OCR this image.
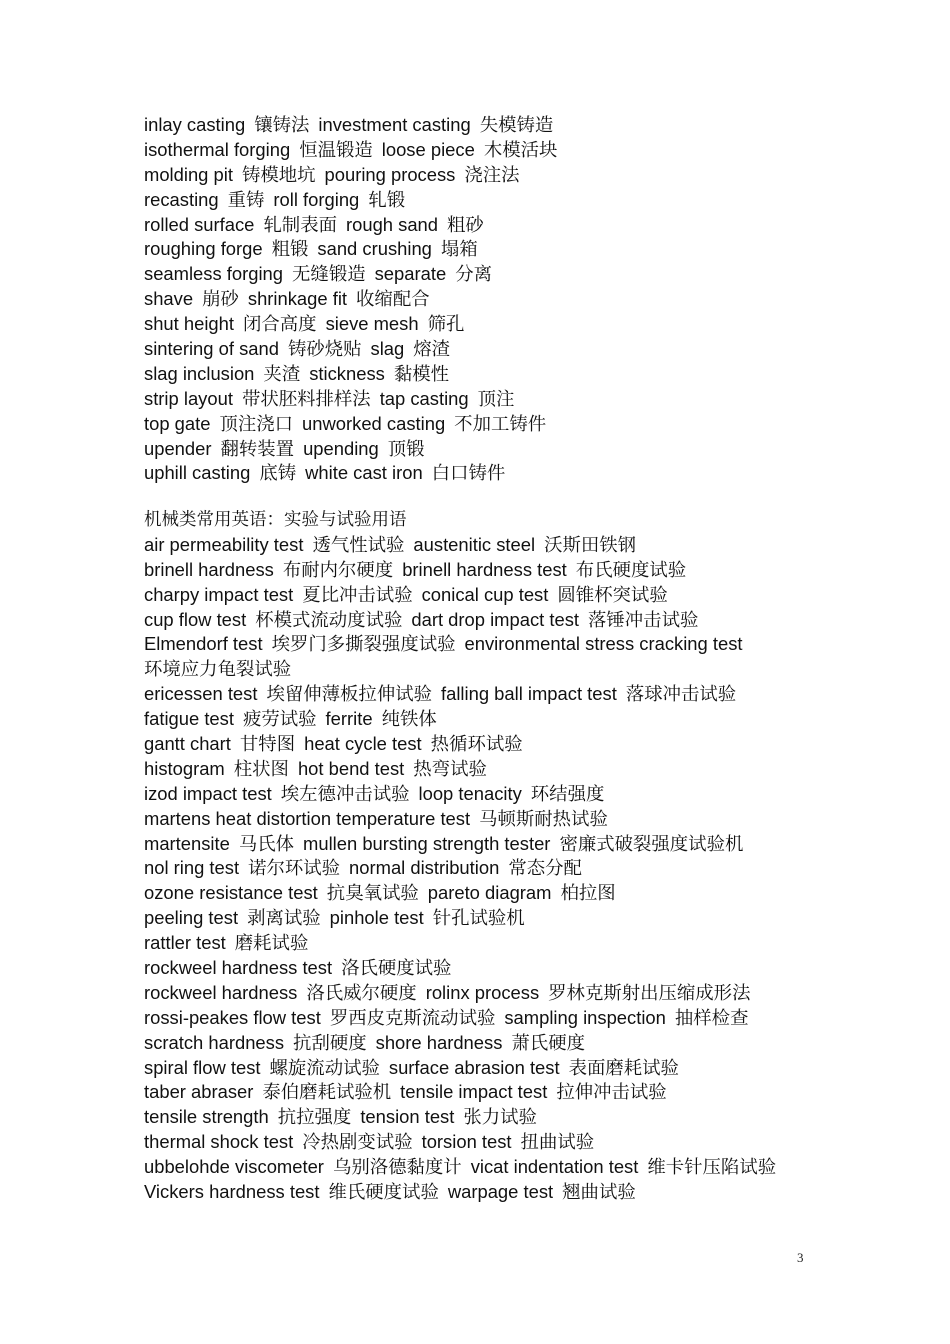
inlay casting 镶铸法 investment casting 失模铸造
isothermal forging 恒温锻造 loose piece 木模活块
molding pit 铸模地坑 pouring process 浇注法
recasting 重铸 roll forging 轧锻
rolled surface 轧制表面 rough sand 粗砂
roughing forge 粗锻 sand crushing 塌箱
seamless forging 无缝锻造 separate 分离
shave 崩砂 shrinkage fit 收缩配合
shut height 闭合高度 sieve mesh 筛孔
sintering of sand 铸砂烧贴 slag 熔渣
slag inclusion 夹渣 stickness 黏模性
strip layout 带状胚料排样法 tap casting 顶注
top gate 顶注浇口 unworked casting 不加工铸件
upender 翻转装置 upending 顶锻
uphill casting 底铸 white cast iron 白口铸件
机械类常用英语：实验与试验用语
air permeability test 透气性试验 austenitic steel 沃斯田铁钢
brinell hardness 布耐内尔硬度 brinell hardness test 布氏硬度试验
charpy impact test 夏比冲击试验 conical cup test 圆锥杯突试验
cup flow test 杯模式流动度试验 dart drop impact test 落锤冲击试验
Elmendorf test 埃罗门多撕裂强度试验 environmental stress cracking test
环境应力龟裂试验
ericessen test 埃留伸薄板拉伸试验 falling ball impact test 落球冲击试验
fatigue test 疲劳试验 ferrite 纯铁体
gantt chart 甘特图 heat cycle test 热循环试验
histogram 柱状图 hot bend test 热弯试验
izod impact test 埃左德冲击试验 loop tenacity 环结强度
martens heat distortion temperature test 马顿斯耐热试验
martensite 马氏体 mullen bursting strength tester 密廉式破裂强度试验机
nol ring test 诺尔环试验 normal distribution 常态分配
ozone resistance test 抗臭氧试验 pareto diagram 柏拉图
peeling test 剥离试验 pinhole test 针孔试验机
rattler test 磨耗试验
rockweel hardness test 洛氏硬度试验
rockweel hardness 洛氏威尔硬度 rolinx process 罗林克斯射出压缩成形法
rossi-peakes flow test 罗西皮克斯流动试验 sampling inspection 抽样检查
scratch hardness 抗刮硬度 shore hardness 萧氏硬度
spiral flow test 螺旋流动试验 surface abrasion test 表面磨耗试验
taber abraser 泰伯磨耗试验机 tensile impact test 拉伸冲击试验
tensile strength 抗拉强度 tension test 张力试验
thermal shock test 冷热剧变试验 torsion test 扭曲试验
ubbelohde viscometer 乌别洛德黏度计 vicat indentation test 维卡针压陷试验
Vickers hardness test 维氏硬度试验 warpage test 翘曲试验
3
